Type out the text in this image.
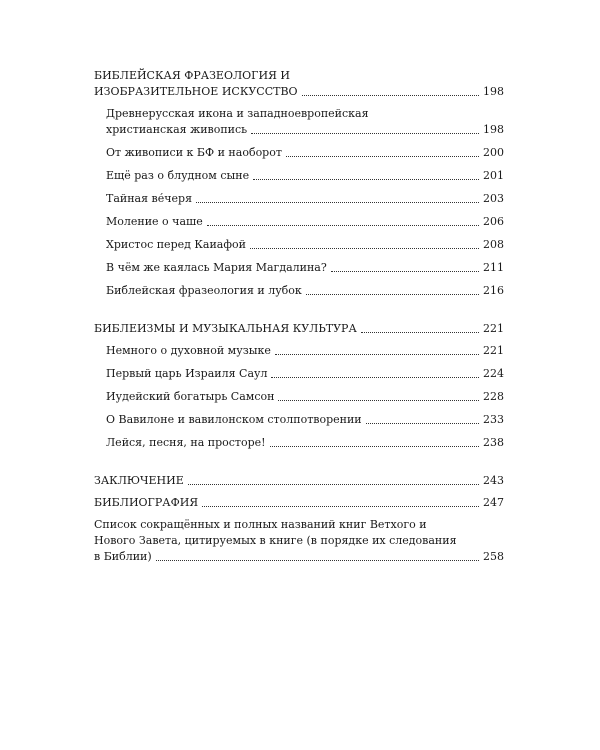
БИБЛЕЙСКАЯ ФРАЗЕОЛОГИЯ И
ИЗОБРАЗИТЕЛЬНОЕ ИСКУССТВО	198
Древнерусская икона и западноевропейская
христианская живопись	198
От живописи к БФ и наоборот	200
Ещё раз о блудном сыне	201
Тайная ве́черя	203
Моление о чаше	206
Христос перед Каиафой	208
В чём же каялась Мария Магдалина?	211
Библейская фразеология и лубок	216
БИБЛЕИЗМЫ И МУЗЫКАЛЬНАЯ КУЛЬТУРА	221
Немного о духовной музыке	221
Первый царь Израиля Саул	224
Иудейский богатырь Самсон	228
О Вавилоне и вавилонском столпотворении	233
Лейся, песня, на просторе!	238
ЗАКЛЮЧЕНИЕ	243
БИБЛИОГРАФИЯ	247
Список сокращённых и полных названий книг Ветхого и
Нового Завета, цитируемых в книге (в порядке их следования
в Библии)	258
